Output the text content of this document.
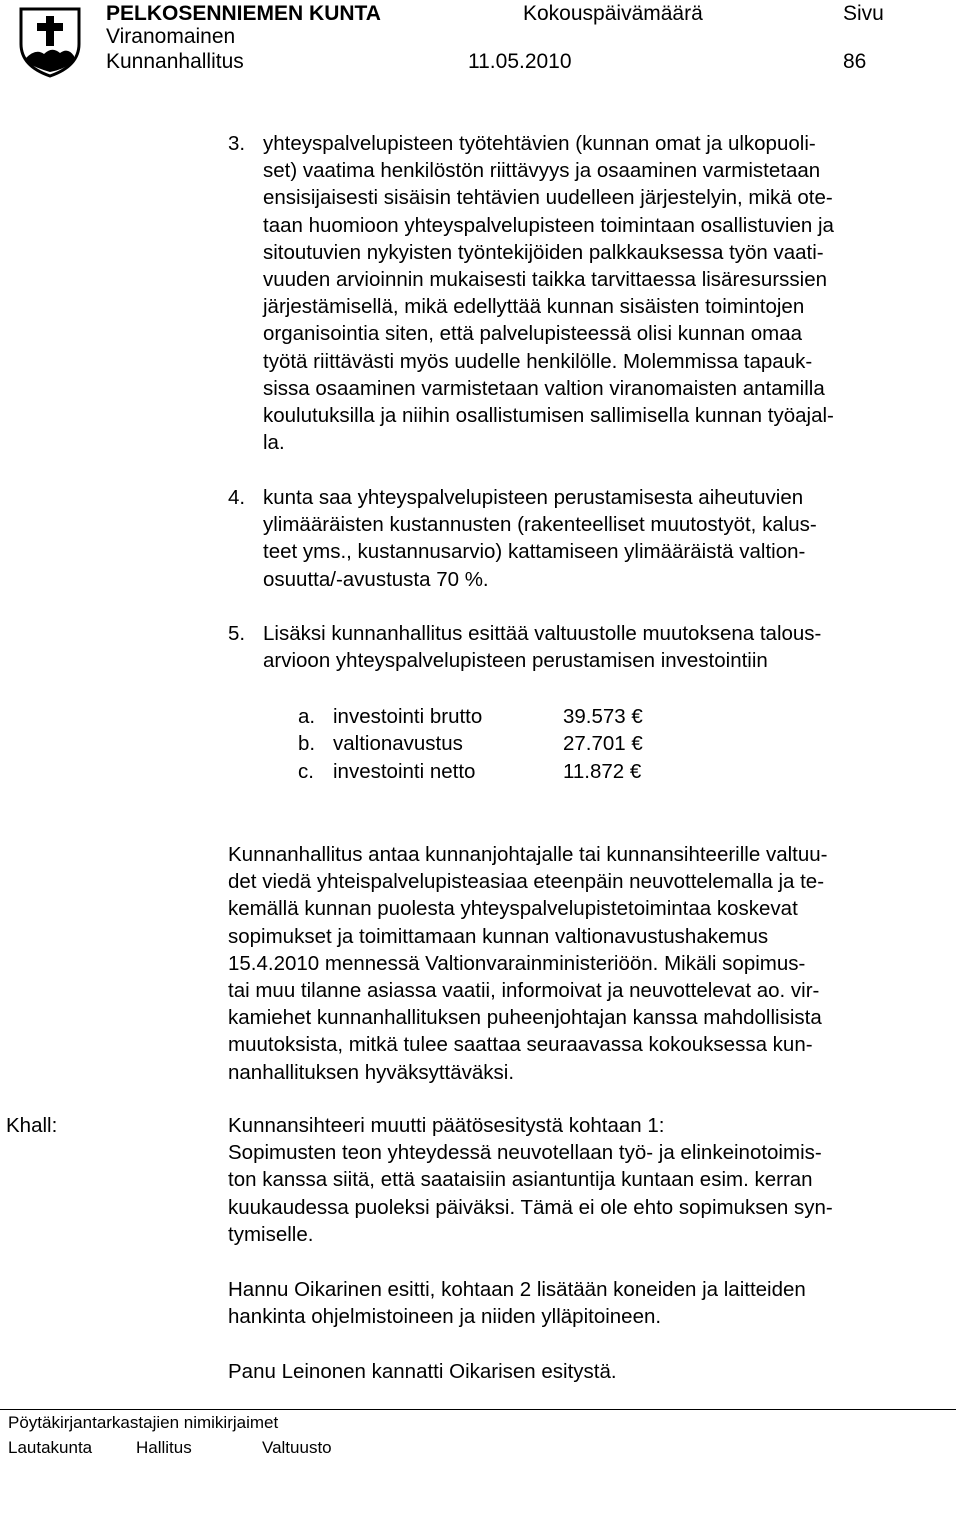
PELKOSENNIEMEN KUNTA
Viranomainen
Kunnanhallitus
Kokouspäivämäärä
11.05.2010
Sivu
86
3. yhteyspalvelupisteen työtehtävien (kunnan omat ja ulkopuoli-
set) vaatima henkilöstön riittävyys ja osaaminen varmistetaan
ensisijaisesti sisäisin tehtävien uudelleen järjestelyin, mikä ote-
taan huomioon yhteyspalvelupisteen toimintaan osallistuvien ja
sitoutuvien nykyisten työntekijöiden palkkauksessa työn vaati-
vuuden arvioinnin mukaisesti taikka tarvittaessa lisäresurssien
järjestämisellä, mikä edellyttää kunnan sisäisten toimintojen
organisointia siten, että palvelupisteessä olisi kunnan omaa
työtä riittävästi myös uudelle henkilölle. Molemmissa tapauk-
sissa osaaminen varmistetaan valtion viranomaisten antamilla
koulutuksilla ja niihin osallistumisen sallimisella kunnan työajal-
la.
4. kunta saa yhteyspalvelupisteen perustamisesta aiheutuvien
ylimääräisten kustannusten (rakenteelliset muutostyöt, kalus-
teet yms., kustannusarvio) kattamiseen ylimääräistä valtion-
osuutta/-avustusta 70 %.
5. Lisäksi kunnanhallitus esittää valtuustolle muutoksena talous-
arvioon yhteyspalvelupisteen perustamisen investointiin
a. investointi brutto	39.573 €
b. valtionavustus	27.701 €
c. investointi netto	11.872 €
Kunnanhallitus antaa kunnanjohtajalle tai kunnansihteerille valtuu-
det viedä yhteispalvelupisteasiaa eteenpäin neuvottelemalla ja te-
kemällä kunnan puolesta yhteyspalvelupistetoimintaa koskevat
sopimukset ja toimittamaan kunnan valtionavustushakemus
15.4.2010 mennessä Valtionvarainministeriöön. Mikäli sopimus-
tai muu tilanne asiassa vaatii, informoivat ja neuvottelevat ao. vir-
kamiehet kunnanhallituksen puheenjohtajan kanssa mahdollisista
muutoksista, mitkä tulee saattaa seuraavassa kokouksessa kun-
nanhallituksen hyväksyttäväksi.
Khall:	Kunnansihteeri muutti päätösesitystä kohtaan 1:
Sopimusten teon yhteydessä neuvotellaan työ- ja elinkeinotoimis-
ton kanssa siitä, että saataisiin asiantuntija kuntaan esim. kerran
kuukaudessa puoleksi päiväksi. Tämä ei ole ehto sopimuksen syn-
tymiselle.
Hannu Oikarinen esitti, kohtaan 2 lisätään koneiden ja laitteiden
hankinta ohjelmistoineen ja niiden ylläpitoineen.
Panu Leinonen kannatti Oikarisen esitystä.
Pöytäkirjantarkastajien nimikirjaimet
Lautakunta	Hallitus	Valtuusto
